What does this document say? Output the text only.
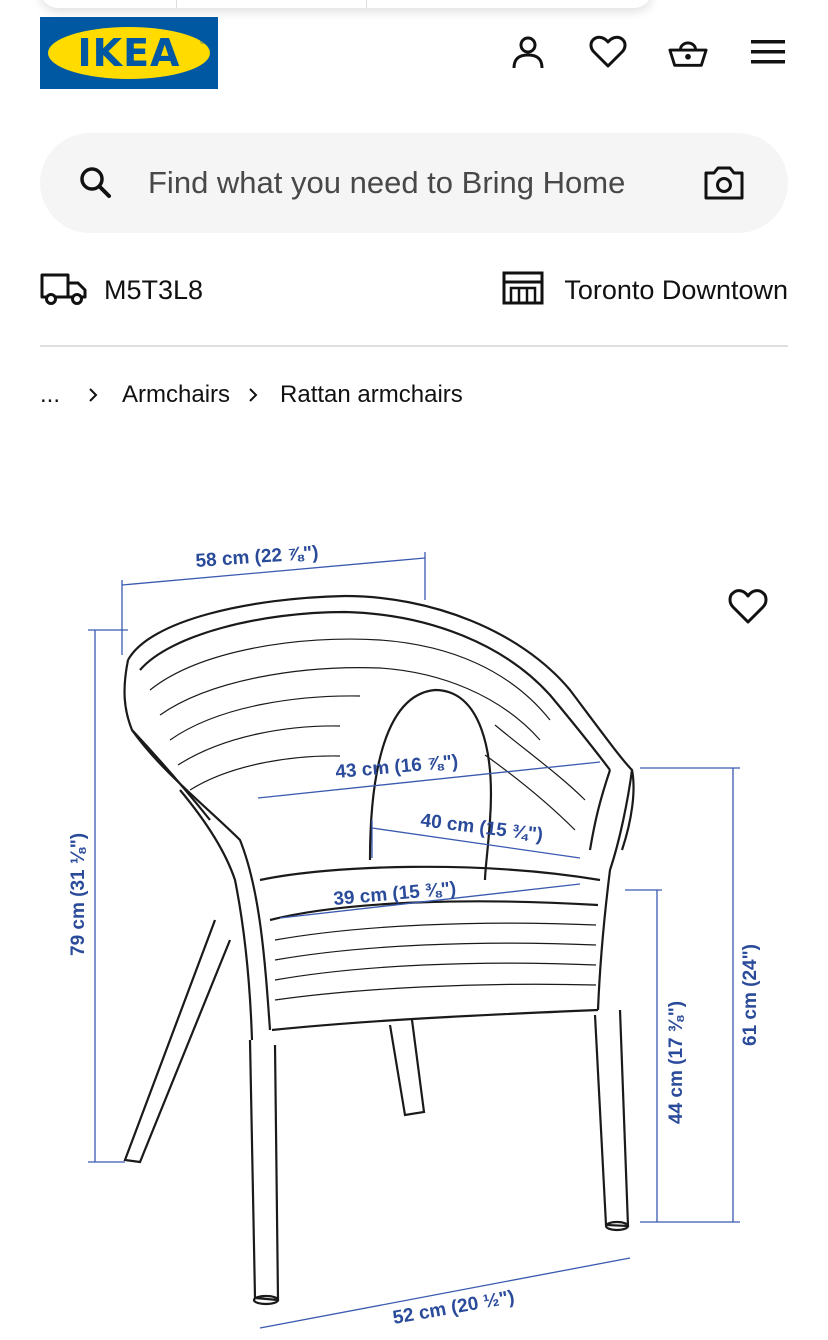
IKEA ®
Find what you need to Bring Home
M5T3L8	Toronto Downtown
...	Armchairs Rattan armchairs
58 cm (22 ⅞")
79 cm (31 ⅛")
43 cm (16 ⅞")
40 cm (15 ¾")
39 cm (15 ⅜")
44 cm (17 ⅜")
61 cm (24")
52 cm (20 ½")
